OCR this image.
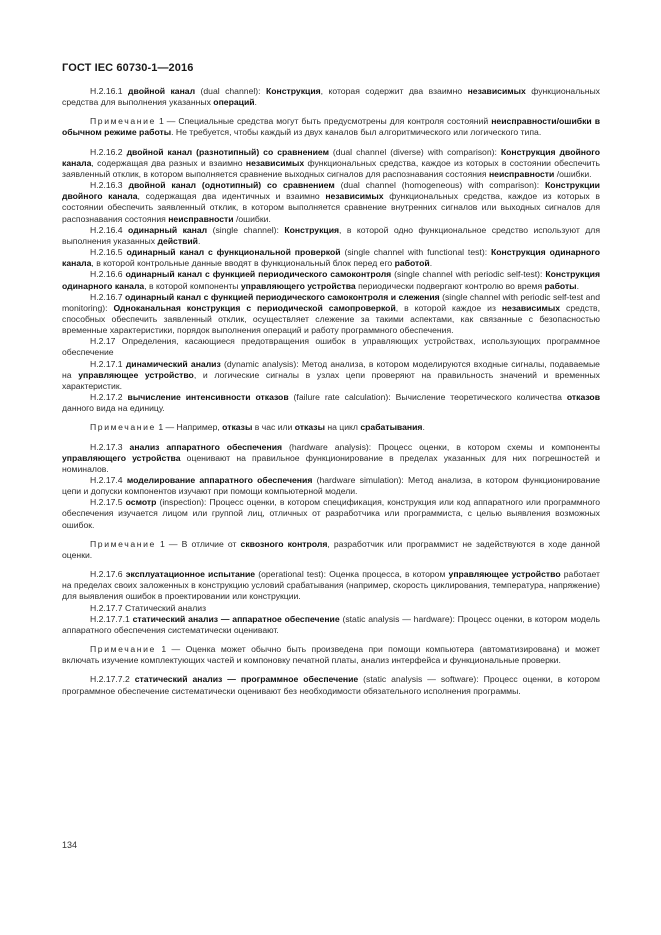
ГОСТ IEC 60730-1—2016

Н.2.16.1 двойной канал (dual channel): Конструкция, которая содержит два взаимно независимых функциональных средства для выполнения указанных операций.

Примечание 1 — Специальные средства могут быть предусмотрены для контроля состояний неисправности/ошибки в обычном режиме работы. Не требуется, чтобы каждый из двух каналов был алгоритмического или логического типа.

Н.2.16.2 двойной канал (разнотипный) со сравнением (dual channel (diverse) with comparison): Конструкция двойного канала, содержащая два разных и взаимно независимых функциональных средства, каждое из которых в состоянии обеспечить заявленный отклик, в котором выполняется сравнение выходных сигналов для распознавания состояния неисправности /ошибки.

Н.2.16.3 двойной канал (однотипный) со сравнением (dual channel (homogeneous) with comparison): Конструкции двойного канала, содержащая два идентичных и взаимно независимых функциональных средства, каждое из которых в состоянии обеспечить заявленный отклик, в котором выполняется сравнение внутренних сигналов или выходных сигналов для распознавания состояния неисправности /ошибки.

Н.2.16.4 одинарный канал (single channel): Конструкция, в которой одно функциональное средство используют для выполнения указанных действий.

Н.2.16.5 одинарный канал с функциональной проверкой (single channel with functional test): Конструкция одинарного канала, в которой контрольные данные вводят в функциональный блок перед его работой.

Н.2.16.6 одинарный канал с функцией периодического самоконтроля (single channel with periodic self-test): Конструкция одинарного канала, в которой компоненты управляющего устройства периодически подвергают контролю во время работы.

Н.2.16.7 одинарный канал с функцией периодического самоконтроля и слежения (single channel with periodic self-test and monitoring): Одноканальная конструкция с периодической самопроверкой, в которой каждое из независимых средств, способных обеспечить заявленный отклик, осуществляет слежение за такими аспектами, как связанные с безопасностью временные характеристики, порядок выполнения операций и работу программного обеспечения.

Н.2.17 Определения, касающиеся предотвращения ошибок в управляющих устройствах, использующих программное обеспечение

Н.2.17.1 динамический анализ (dynamic analysis): Метод анализа, в котором моделируются входные сигналы, подаваемые на управляющее устройство, и логические сигналы в узлах цепи проверяют на правильность значений и временных характеристик.

Н.2.17.2 вычисление интенсивности отказов (failure rate calculation): Вычисление теоретического количества отказов данного вида на единицу.

Примечание 1 — Например, отказы в час или отказы на цикл срабатывания.

Н.2.17.3 анализ аппаратного обеспечения (hardware analysis): Процесс оценки, в котором схемы и компоненты управляющего устройства оценивают на правильное функционирование в пределах указанных для них погрешностей и номиналов.

Н.2.17.4 моделирование аппаратного обеспечения (hardware simulation): Метод анализа, в котором функционирование цепи и допуски компонентов изучают при помощи компьютерной модели.

Н.2.17.5 осмотр (inspection): Процесс оценки, в котором спецификация, конструкция или код аппаратного или программного обеспечения изучается лицом или группой лиц, отличных от разработчика или программиста, с целью выявления возможных ошибок.

Примечание 1 — В отличие от сквозного контроля, разработчик или программист не задействуются в ходе данной оценки.

Н.2.17.6 эксплуатационное испытание (operational test): Оценка процесса, в котором управляющее устройство работает на пределах своих заложенных в конструкцию условий срабатывания (например, скорость циклирования, температура, напряжение) для выявления ошибок в проектировании или конструкции.

Н.2.17.7 Статический анализ

Н.2.17.7.1 статический анализ — аппаратное обеспечение (static analysis — hardware): Процесс оценки, в котором модель аппаратного обеспечения систематически оценивают.

Примечание 1 — Оценка может обычно быть произведена при помощи компьютера (автоматизирована) и может включать изучение комплектующих частей и компоновку печатной платы, анализ интерфейса и функциональные проверки.

Н.2.17.7.2 статический анализ — программное обеспечение (static analysis — software): Процесс оценки, в котором программное обеспечение систематически оценивают без необходимости обязательного исполнения программы.

134
